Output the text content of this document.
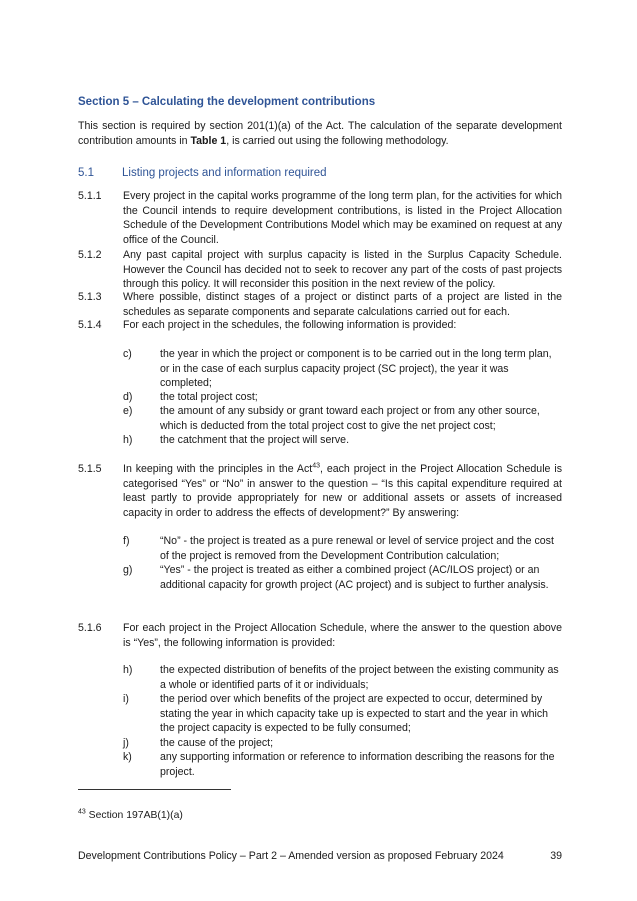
Section 5 – Calculating the development contributions
This section is required by section 201(1)(a) of the Act. The calculation of the separate development contribution amounts in Table 1, is carried out using the following methodology.
5.1 Listing projects and information required
5.1.1 Every project in the capital works programme of the long term plan, for the activities for which the Council intends to require development contributions, is listed in the Project Allocation Schedule of the Development Contributions Model which may be examined on request at any office of the Council.
5.1.2 Any past capital project with surplus capacity is listed in the Surplus Capacity Schedule. However the Council has decided not to seek to recover any part of the costs of past projects through this policy. It will reconsider this position in the next review of the policy.
5.1.3 Where possible, distinct stages of a project or distinct parts of a project are listed in the schedules as separate components and separate calculations carried out for each.
5.1.4 For each project in the schedules, the following information is provided:
c)	the year in which the project or component is to be carried out in the long term plan, or in the case of each surplus capacity project (SC project), the year it was completed;
d)	the total project cost;
e)	the amount of any subsidy or grant toward each project or from any other source, which is deducted from the total project cost to give the net project cost;
h)	the catchment that the project will serve.
5.1.5 In keeping with the principles in the Act$^{43}$, each project in the Project Allocation Schedule is categorised “Yes” or “No” in answer to the question – “Is this capital expenditure required at least partly to provide appropriately for new or additional assets or assets of increased capacity in order to address the effects of development?” By answering:
f)	“No” - the project is treated as a pure renewal or level of service project and the cost of the project is removed from the Development Contribution calculation;
g)	“Yes” - the project is treated as either a combined project (AC/ILOS project) or an additional capacity for growth project (AC project) and is subject to further analysis.
5.1.6 For each project in the Project Allocation Schedule, where the answer to the question above is “Yes”, the following information is provided:
h)	the expected distribution of benefits of the project between the existing community as a whole or identified parts of it or individuals;
i)	the period over which benefits of the project are expected to occur, determined by stating the year in which capacity take up is expected to start and the year in which the project capacity is expected to be fully consumed;
j)	the cause of the project;
k)	any supporting information or reference to information describing the reasons for the project.
$^{43}$ Section 197AB(1)(a)
Development Contributions Policy – Part 2 – Amended version as proposed February 2024	39
